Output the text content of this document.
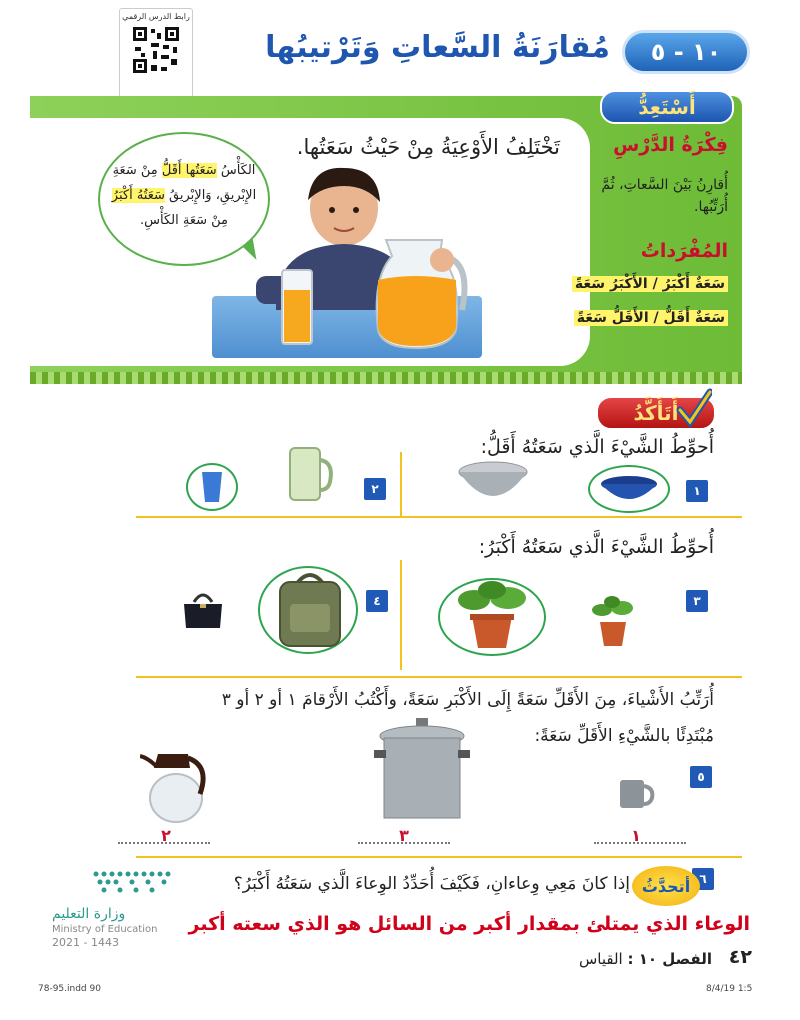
رابط الدرس الرقمي
١٠ - ٥
مُقارَنَةُ السَّعاتِ وَتَرْتيبُها
أَسْتَعِدُّ
فِكْرَةُ الدَّرْسِ
أُقارِنُ بَيْنَ السَّعاتِ، ثُمَّ أُرَتِّبُها.
المُفْرَداتُ
سَعَةٌ أَكْبَرُ / الأَكْبَرُ سَعَةً
سَعَةٌ أَقَلُّ / الأَقَلُّ سَعَةً
تَخْتَلِفُ الأَوْعِيَةُ مِنْ حَيْثُ سَعَتُها.
الكَأْسُ سَعَتُها أَقَلُّ مِنْ سَعَةِ الإِبْريقِ، وَالإِبْريقُ سَعَتُهُ أَكْبَرُ مِنْ سَعَةِ الكَأْسِ.
أَتَأَكَّدُ
أُحوِّطُ الشَّيْءَ الَّذي سَعَتُهُ أَقَلُّ:
١
٢
أُحوِّطُ الشَّيْءَ الَّذي سَعَتُهُ أَكْبَرُ:
٣
٤
أُرَتِّبُ الأَشْياءَ، مِنَ الأَقَلِّ سَعَةً إِلَى الأَكْبَرِ سَعَةً، وأَكْتُبُ الأَرْقامَ ١ أو ٢ أو ٣
مُبْتَدِئًا بالشَّيْءِ الأَقَلِّ سَعَةً:
٥
١
٣
٢
٦
أتحدَّثُ
إذا كانَ مَعِي وِعاءانِ، فَكَيْفَ أُحَدِّدُ الوِعاءَ الَّذي سَعَتُهُ أَكْبَرُ؟
الوعاء الذي يمتلئ بمقدار أكبر من السائل هو الذي سعته أكبر
وزارة التعليم
Ministry of Education
2021 - 1443
٤٢
الفصل ١٠ : القياس
78-95.indd 90	8/4/19 1:5
